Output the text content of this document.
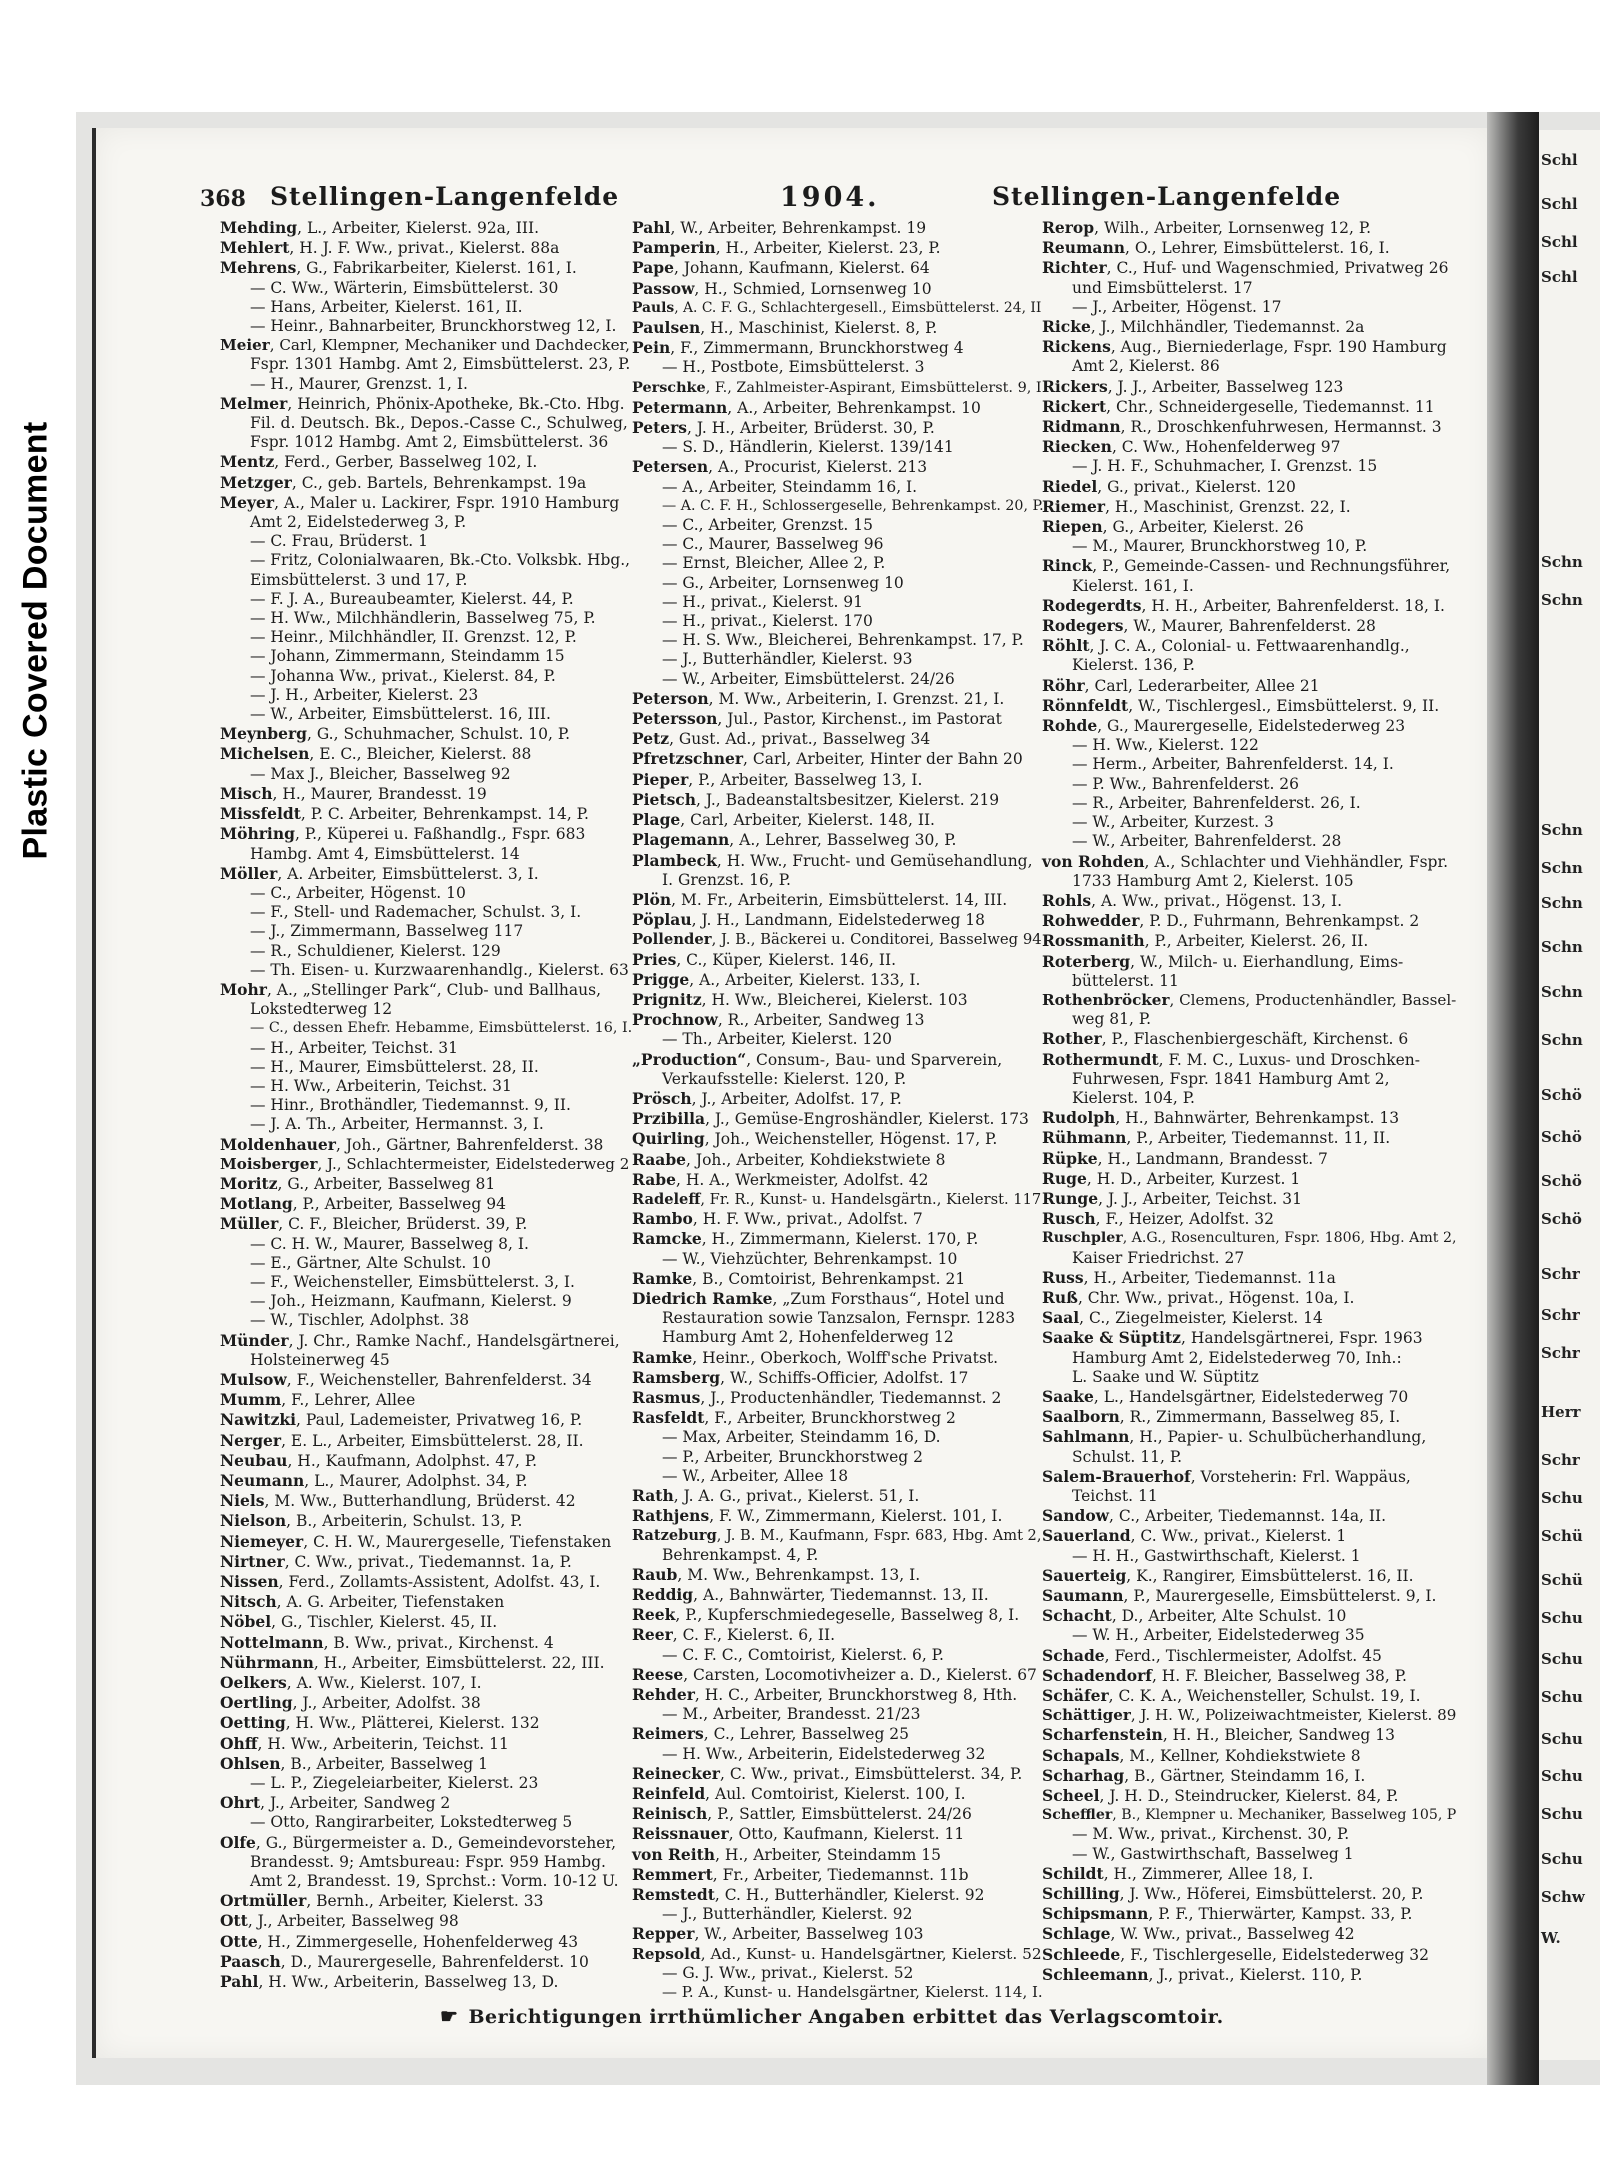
Plastic Covered Document
Schl
Schl
Schl
Schl
Schn
Schn
Schn
Schn
Schn
Schn
Schn
Schn
Schö
Schö
Schö
Schö
Schr
Schr
Schr
Herr
Schr
Schu
Schü
Schü
Schu
Schu
Schu
Schu
Schu
Schu
Schu
Schw
W.
368 Stellingen-Langenfelde	1904.	Stellingen-Langenfelde
Mehding, L., Arbeiter, Kielerst. 92a, III.
Mehlert, H. J. F. Ww., privat., Kielerst. 88a
Mehrens, G., Fabrikarbeiter, Kielerst. 161, I.
— C. Ww., Wärterin, Eimsbüttelerst. 30
— Hans, Arbeiter, Kielerst. 161, II.
— Heinr., Bahnarbeiter, Brunckhorstweg 12, I.
Meier, Carl, Klempner, Mechaniker und Dachdecker,
Fspr. 1301 Hambg. Amt 2, Eimsbüttelerst. 23, P.
— H., Maurer, Grenzst. 1, I.
Melmer, Heinrich, Phönix-Apotheke, Bk.-Cto. Hbg.
Fil. d. Deutsch. Bk., Depos.-Casse C., Schulweg,
Fspr. 1012 Hambg. Amt 2, Eimsbüttelerst. 36
Mentz, Ferd., Gerber, Basselweg 102, I.
Metzger, C., geb. Bartels, Behrenkampst. 19a
Meyer, A., Maler u. Lackirer, Fspr. 1910 Hamburg
Amt 2, Eidelstederweg 3, P.
— C. Frau, Brüderst. 1
— Fritz, Colonialwaaren, Bk.-Cto. Volksbk. Hbg.,
Eimsbüttelerst. 3 und 17, P.
— F. J. A., Bureaubeamter, Kielerst. 44, P.
— H. Ww., Milchhändlerin, Basselweg 75, P.
— Heinr., Milchhändler, II. Grenzst. 12, P.
— Johann, Zimmermann, Steindamm 15
— Johanna Ww., privat., Kielerst. 84, P.
— J. H., Arbeiter, Kielerst. 23
— W., Arbeiter, Eimsbüttelerst. 16, III.
Meynberg, G., Schuhmacher, Schulst. 10, P.
Michelsen, E. C., Bleicher, Kielerst. 88
— Max J., Bleicher, Basselweg 92
Misch, H., Maurer, Brandesst. 19
Missfeldt, P. C. Arbeiter, Behrenkampst. 14, P.
Möhring, P., Küperei u. Faßhandlg., Fspr. 683
Hambg. Amt 4, Eimsbüttelerst. 14
Möller, A. Arbeiter, Eimsbüttelerst. 3, I.
— C., Arbeiter, Högenst. 10
— F., Stell- und Rademacher, Schulst. 3, I.
— J., Zimmermann, Basselweg 117
— R., Schuldiener, Kielerst. 129
— Th. Eisen- u. Kurzwaarenhandlg., Kielerst. 63
Mohr, A., „Stellinger Park“, Club- und Ballhaus,
Lokstedterweg 12
— C., dessen Ehefr. Hebamme, Eimsbüttelerst. 16, I.
— H., Arbeiter, Teichst. 31
— H., Maurer, Eimsbüttelerst. 28, II.
— H. Ww., Arbeiterin, Teichst. 31
— Hinr., Brothändler, Tiedemannst. 9, II.
— J. A. Th., Arbeiter, Hermannst. 3, I.
Moldenhauer, Joh., Gärtner, Bahrenfelderst. 38
Moisberger, J., Schlachtermeister, Eidelstederweg 2
Moritz, G., Arbeiter, Basselweg 81
Motlang, P., Arbeiter, Basselweg 94
Müller, C. F., Bleicher, Brüderst. 39, P.
— C. H. W., Maurer, Basselweg 8, I.
— E., Gärtner, Alte Schulst. 10
— F., Weichensteller, Eimsbüttelerst. 3, I.
— Joh., Heizmann, Kaufmann, Kielerst. 9
— W., Tischler, Adolphst. 38
Münder, J. Chr., Ramke Nachf., Handelsgärtnerei,
Holsteinerweg 45
Mulsow, F., Weichensteller, Bahrenfelderst. 34
Mumm, F., Lehrer, Allee
Nawitzki, Paul, Lademeister, Privatweg 16, P.
Nerger, E. L., Arbeiter, Eimsbüttelerst. 28, II.
Neubau, H., Kaufmann, Adolphst. 47, P.
Neumann, L., Maurer, Adolphst. 34, P.
Niels, M. Ww., Butterhandlung, Brüderst. 42
Nielson, B., Arbeiterin, Schulst. 13, P.
Niemeyer, C. H. W., Maurergeselle, Tiefenstaken
Nirtner, C. Ww., privat., Tiedemannst. 1a, P.
Nissen, Ferd., Zollamts-Assistent, Adolfst. 43, I.
Nitsch, A. G. Arbeiter, Tiefenstaken
Nöbel, G., Tischler, Kielerst. 45, II.
Nottelmann, B. Ww., privat., Kirchenst. 4
Nührmann, H., Arbeiter, Eimsbüttelerst. 22, III.
Oelkers, A. Ww., Kielerst. 107, I.
Oertling, J., Arbeiter, Adolfst. 38
Oetting, H. Ww., Plätterei, Kielerst. 132
Ohff, H. Ww., Arbeiterin, Teichst. 11
Ohlsen, B., Arbeiter, Basselweg 1
— L. P., Ziegeleiarbeiter, Kielerst. 23
Ohrt, J., Arbeiter, Sandweg 2
— Otto, Rangirarbeiter, Lokstedterweg 5
Olfe, G., Bürgermeister a. D., Gemeindevorsteher,
Brandesst. 9; Amtsbureau: Fspr. 959 Hambg.
Amt 2, Brandesst. 19, Sprchst.: Vorm. 10-12 U.
Ortmüller, Bernh., Arbeiter, Kielerst. 33
Ott, J., Arbeiter, Basselweg 98
Otte, H., Zimmergeselle, Hohenfelderweg 43
Paasch, D., Maurergeselle, Bahrenfelderst. 10
Pahl, H. Ww., Arbeiterin, Basselweg 13, D.
Pahl, W., Arbeiter, Behrenkampst. 19
Pamperin, H., Arbeiter, Kielerst. 23, P.
Pape, Johann, Kaufmann, Kielerst. 64
Passow, H., Schmied, Lornsenweg 10
Pauls, A. C. F. G., Schlachtergesell., Eimsbüttelerst. 24, II
Paulsen, H., Maschinist, Kielerst. 8, P.
Pein, F., Zimmermann, Brunckhorstweg 4
— H., Postbote, Eimsbüttelerst. 3
Perschke, F., Zahlmeister-Aspirant, Eimsbüttelerst. 9, I
Petermann, A., Arbeiter, Behrenkampst. 10
Peters, J. H., Arbeiter, Brüderst. 30, P.
— S. D., Händlerin, Kielerst. 139/141
Petersen, A., Procurist, Kielerst. 213
— A., Arbeiter, Steindamm 16, I.
— A. C. F. H., Schlossergeselle, Behrenkampst. 20, P.
— C., Arbeiter, Grenzst. 15
— C., Maurer, Basselweg 96
— Ernst, Bleicher, Allee 2, P.
— G., Arbeiter, Lornsenweg 10
— H., privat., Kielerst. 91
— H., privat., Kielerst. 170
— H. S. Ww., Bleicherei, Behrenkampst. 17, P.
— J., Butterhändler, Kielerst. 93
— W., Arbeiter, Eimsbüttelerst. 24/26
Peterson, M. Ww., Arbeiterin, I. Grenzst. 21, I.
Petersson, Jul., Pastor, Kirchenst., im Pastorat
Petz, Gust. Ad., privat., Basselweg 34
Pfretzschner, Carl, Arbeiter, Hinter der Bahn 20
Pieper, P., Arbeiter, Basselweg 13, I.
Pietsch, J., Badeanstaltsbesitzer, Kielerst. 219
Plage, Carl, Arbeiter, Kielerst. 148, II.
Plagemann, A., Lehrer, Basselweg 30, P.
Plambeck, H. Ww., Frucht- und Gemüsehandlung,
I. Grenzst. 16, P.
Plön, M. Fr., Arbeiterin, Eimsbüttelerst. 14, III.
Pöplau, J. H., Landmann, Eidelstederweg 18
Pollender, J. B., Bäckerei u. Conditorei, Basselweg 94
Pries, C., Küper, Kielerst. 146, II.
Prigge, A., Arbeiter, Kielerst. 133, I.
Prignitz, H. Ww., Bleicherei, Kielerst. 103
Prochnow, R., Arbeiter, Sandweg 13
— Th., Arbeiter, Kielerst. 120
„Production“, Consum-, Bau- und Sparverein,
Verkaufsstelle: Kielerst. 120, P.
Prösch, J., Arbeiter, Adolfst. 17, P.
Przibilla, J., Gemüse-Engroshändler, Kielerst. 173
Quirling, Joh., Weichensteller, Högenst. 17, P.
Raabe, Joh., Arbeiter, Kohdiekstwiete 8
Rabe, H. A., Werkmeister, Adolfst. 42
Radeleff, Fr. R., Kunst- u. Handelsgärtn., Kielerst. 117
Rambo, H. F. Ww., privat., Adolfst. 7
Ramcke, H., Zimmermann, Kielerst. 170, P.
— W., Viehzüchter, Behrenkampst. 10
Ramke, B., Comtoirist, Behrenkampst. 21
Diedrich Ramke, „Zum Forsthaus“, Hotel und
Restauration sowie Tanzsalon, Fernspr. 1283
Hamburg Amt 2, Hohenfelderweg 12
Ramke, Heinr., Oberkoch, Wolff'sche Privatst.
Ramsberg, W., Schiffs-Officier, Adolfst. 17
Rasmus, J., Productenhändler, Tiedemannst. 2
Rasfeldt, F., Arbeiter, Brunckhorstweg 2
— Max, Arbeiter, Steindamm 16, D.
— P., Arbeiter, Brunckhorstweg 2
— W., Arbeiter, Allee 18
Rath, J. A. G., privat., Kielerst. 51, I.
Rathjens, F. W., Zimmermann, Kielerst. 101, I.
Ratzeburg, J. B. M., Kaufmann, Fspr. 683, Hbg. Amt 2,
Behrenkampst. 4, P.
Raub, M. Ww., Behrenkampst. 13, I.
Reddig, A., Bahnwärter, Tiedemannst. 13, II.
Reek, P., Kupferschmiedegeselle, Basselweg 8, I.
Reer, C. F., Kielerst. 6, II.
— C. F. C., Comtoirist, Kielerst. 6, P.
Reese, Carsten, Locomotivheizer a. D., Kielerst. 67
Rehder, H. C., Arbeiter, Brunckhorstweg 8, Hth.
— M., Arbeiter, Brandesst. 21/23
Reimers, C., Lehrer, Basselweg 25
— H. Ww., Arbeiterin, Eidelstederweg 32
Reinecker, C. Ww., privat., Eimsbüttelerst. 34, P.
Reinfeld, Aul. Comtoirist, Kielerst. 100, I.
Reinisch, P., Sattler, Eimsbüttelerst. 24/26
Reissnauer, Otto, Kaufmann, Kielerst. 11
von Reith, H., Arbeiter, Steindamm 15
Remmert, Fr., Arbeiter, Tiedemannst. 11b
Remstedt, C. H., Butterhändler, Kielerst. 92
— J., Butterhändler, Kielerst. 92
Repper, W., Arbeiter, Basselweg 103
Repsold, Ad., Kunst- u. Handelsgärtner, Kielerst. 52
— G. J. Ww., privat., Kielerst. 52
— P. A., Kunst- u. Handelsgärtner, Kielerst. 114, I.
Rerop, Wilh., Arbeiter, Lornsenweg 12, P.
Reumann, O., Lehrer, Eimsbüttelerst. 16, I.
Richter, C., Huf- und Wagenschmied, Privatweg 26
und Eimsbüttelerst. 17
— J., Arbeiter, Högenst. 17
Ricke, J., Milchhändler, Tiedemannst. 2a
Rickens, Aug., Bierniederlage, Fspr. 190 Hamburg
Amt 2, Kielerst. 86
Rickers, J. J., Arbeiter, Basselweg 123
Rickert, Chr., Schneidergeselle, Tiedemannst. 11
Ridmann, R., Droschkenfuhrwesen, Hermannst. 3
Riecken, C. Ww., Hohenfelderweg 97
— J. H. F., Schuhmacher, I. Grenzst. 15
Riedel, G., privat., Kielerst. 120
Riemer, H., Maschinist, Grenzst. 22, I.
Riepen, G., Arbeiter, Kielerst. 26
— M., Maurer, Brunckhorstweg 10, P.
Rinck, P., Gemeinde-Cassen- und Rechnungsführer,
Kielerst. 161, I.
Rodegerdts, H. H., Arbeiter, Bahrenfelderst. 18, I.
Rodegers, W., Maurer, Bahrenfelderst. 28
Röhlt, J. C. A., Colonial- u. Fettwaarenhandlg.,
Kielerst. 136, P.
Röhr, Carl, Lederarbeiter, Allee 21
Rönnfeldt, W., Tischlergesl., Eimsbüttelerst. 9, II.
Rohde, G., Maurergeselle, Eidelstederweg 23
— H. Ww., Kielerst. 122
— Herm., Arbeiter, Bahrenfelderst. 14, I.
— P. Ww., Bahrenfelderst. 26
— R., Arbeiter, Bahrenfelderst. 26, I.
— W., Arbeiter, Kurzest. 3
— W., Arbeiter, Bahrenfelderst. 28
von Rohden, A., Schlachter und Viehhändler, Fspr.
1733 Hamburg Amt 2, Kielerst. 105
Rohls, A. Ww., privat., Högenst. 13, I.
Rohwedder, P. D., Fuhrmann, Behrenkampst. 2
Rossmanith, P., Arbeiter, Kielerst. 26, II.
Roterberg, W., Milch- u. Eierhandlung, Eims-
büttelerst. 11
Rothenbröcker, Clemens, Productenhändler, Bassel-
weg 81, P.
Rother, P., Flaschenbiergeschäft, Kirchenst. 6
Rothermundt, F. M. C., Luxus- und Droschken-
Fuhrwesen, Fspr. 1841 Hamburg Amt 2,
Kielerst. 104, P.
Rudolph, H., Bahnwärter, Behrenkampst. 13
Rühmann, P., Arbeiter, Tiedemannst. 11, II.
Rüpke, H., Landmann, Brandesst. 7
Ruge, H. D., Arbeiter, Kurzest. 1
Runge, J. J., Arbeiter, Teichst. 31
Rusch, F., Heizer, Adolfst. 32
Ruschpler, A.G., Rosenculturen, Fspr. 1806, Hbg. Amt 2,
Kaiser Friedrichst. 27
Russ, H., Arbeiter, Tiedemannst. 11a
Ruß, Chr. Ww., privat., Högenst. 10a, I.
Saal, C., Ziegelmeister, Kielerst. 14
Saake & Süptitz, Handelsgärtnerei, Fspr. 1963
Hamburg Amt 2, Eidelstederweg 70, Inh.:
L. Saake und W. Süptitz
Saake, L., Handelsgärtner, Eidelstederweg 70
Saalborn, R., Zimmermann, Basselweg 85, I.
Sahlmann, H., Papier- u. Schulbücherhandlung,
Schulst. 11, P.
Salem-Brauerhof, Vorsteherin: Frl. Wappäus,
Teichst. 11
Sandow, C., Arbeiter, Tiedemannst. 14a, II.
Sauerland, C. Ww., privat., Kielerst. 1
— H. H., Gastwirthschaft, Kielerst. 1
Sauerteig, K., Rangirer, Eimsbüttelerst. 16, II.
Saumann, P., Maurergeselle, Eimsbüttelerst. 9, I.
Schacht, D., Arbeiter, Alte Schulst. 10
— W. H., Arbeiter, Eidelstederweg 35
Schade, Ferd., Tischlermeister, Adolfst. 45
Schadendorf, H. F. Bleicher, Basselweg 38, P.
Schäfer, C. K. A., Weichensteller, Schulst. 19, I.
Schättiger, J. H. W., Polizeiwachtmeister, Kielerst. 89
Scharfenstein, H. H., Bleicher, Sandweg 13
Schapals, M., Kellner, Kohdiekstwiete 8
Scharhag, B., Gärtner, Steindamm 16, I.
Scheel, J. H. D., Steindrucker, Kielerst. 84, P.
Scheffler, B., Klempner u. Mechaniker, Basselweg 105, P
— M. Ww., privat., Kirchenst. 30, P.
— W., Gastwirthschaft, Basselweg 1
Schildt, H., Zimmerer, Allee 18, I.
Schilling, J. Ww., Höferei, Eimsbüttelerst. 20, P.
Schipsmann, P. F., Thierwärter, Kampst. 33, P.
Schlage, W. Ww., privat., Basselweg 42
Schleede, F., Tischlergeselle, Eidelstederweg 32
Schleemann, J., privat., Kielerst. 110, P.
☛ Berichtigungen irrthümlicher Angaben erbittet das Verlagscomtoir.
